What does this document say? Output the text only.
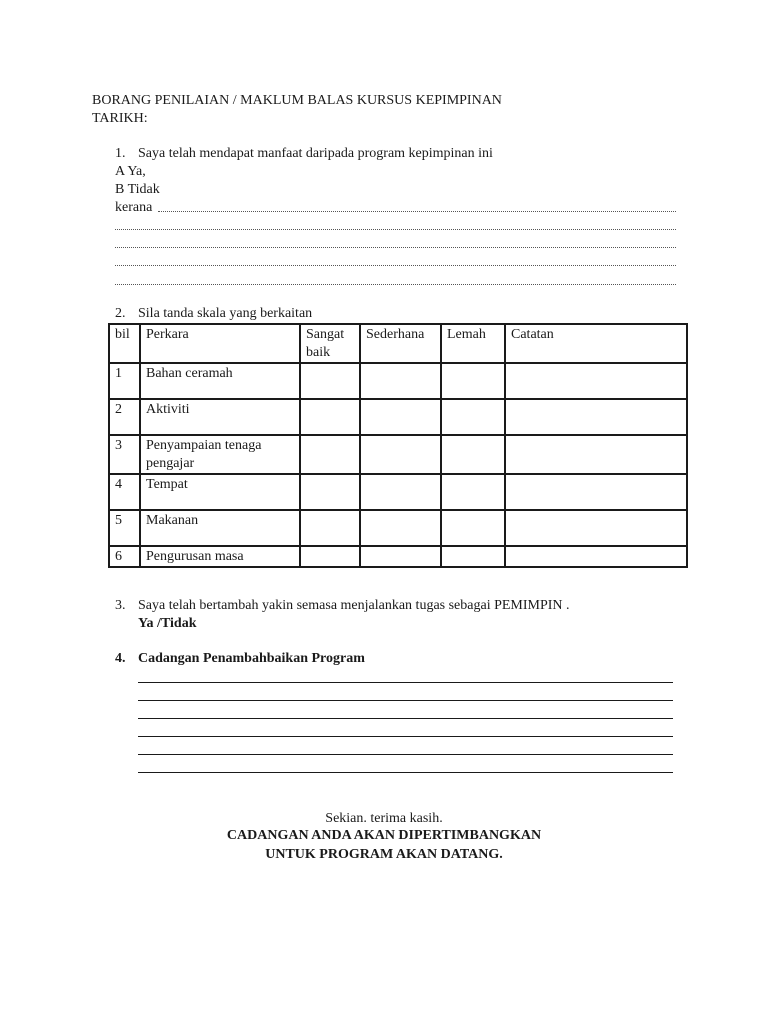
BORANG PENILAIAN / MAKLUM BALAS KURSUS KEPIMPINAN
TARIKH:
1. Saya telah mendapat manfaat daripada program kepimpinan ini
A Ya,
B Tidak
kerana
2. Sila tanda skala yang berkaitan
bil	Perkara	Sangat baik	Sederhana	Lemah	Catatan
1	Bahan ceramah				
2	Aktiviti				
3	Penyampaian tenaga pengajar				
4	Tempat				
5	Makanan				
6	Pengurusan masa				
3. Saya telah bertambah yakin semasa menjalankan tugas sebagai PEMIMPIN .
Ya /Tidak
4. Cadangan Penambahbaikan Program
Sekian. terima kasih.
CADANGAN ANDA AKAN DIPERTIMBANGKAN
UNTUK PROGRAM AKAN DATANG.
